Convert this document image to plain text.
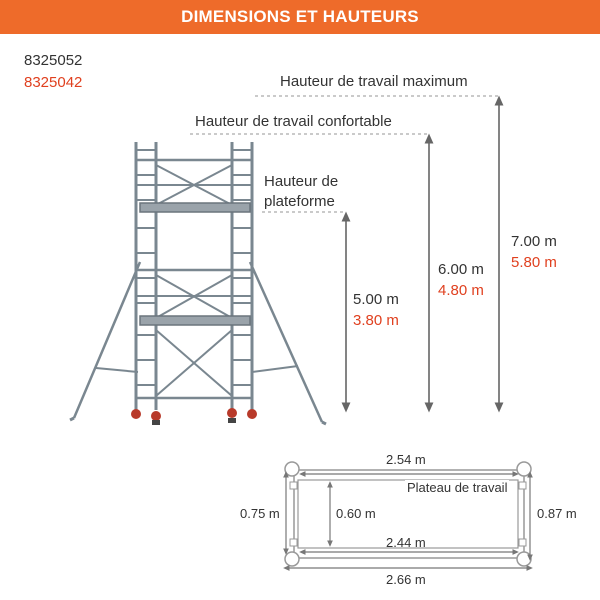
DIMENSIONS ET HAUTEURS
8325052
8325042	Hauteur de travail maximum
Hauteur de travail confortable
Hauteur de
plateforme
7.00 m
5.80 m
6.00 m
4.80 m
5.00 m
3.80 m
2.54 m
Plateau de travail
0.60 m
0.75 m	0.87 m
2.44 m
2.66 m
